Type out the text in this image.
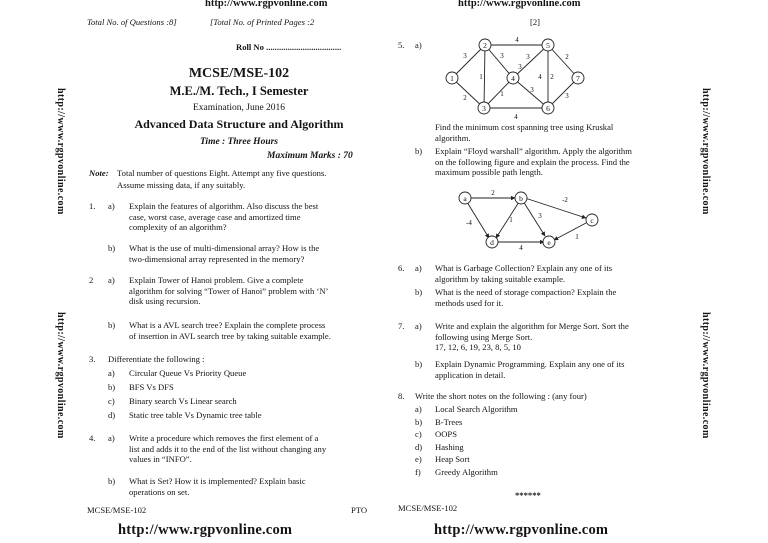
http://www.rgpvonline.com	http://www.rgpvonline.com
Total No. of Questions :8]	[Total No. of Printed Pages :2
Roll No ...................................
http://www.rgpvonline.com
http://www.rgpvonline.com
http://www.rgpvonline.com
http://www.rgpvonline.com
MCSE/MSE-102
M.E./M. Tech., I Semester
Examination, June 2016
Advanced Data Structure and Algorithm
Time : Three Hours
Maximum Marks : 70
Note: Total number of questions Eight. Attempt any five questions.
Assume missing data, if any suitably.
1. a) Explain the features of algorithm. Also discuss the best
case, worst case, average case and amortized time
complexity of an algorithm?
b) What is the use of multi-dimensional array? How is the
two-dimensional array represented in the memory?
2 a) Explain Tower of Hanoi problem. Give a complete
algorithm for solving “Tower of Hanoi” problem with ‘N’
disk using recursion.
b) What is a AVL search tree? Explain the complete process
of insertion in AVL search tree by taking suitable example.
3. Differentiate the following :
a) Circular Queue Vs Priority Queue
b) BFS Vs DFS
c) Binary search Vs Linear search
d) Static tree table Vs Dynamic tree table
4. a) Write a procedure which removes the first element of a
list and adds it to the end of the list without changing any
values in “INFO”.
b) What is Set? How it is implemented? Explain basic
operations on set.
MCSE/MSE-102	PTO
[2]
5. a)
1
2
3
4
5
6
7
4
3	3
1
2	1
4
3
3
2
2
3
4
3
Find the minimum cost spanning tree using Kruskal
algorithm.
b) Explain “Floyd warshall” algorithm. Apply the algorithm
on the following figure and explain the process. Find the
maximum possible path length.
a	b
c
d	e
2
-4
3
1
-2
4
1
6. a) What is Garbage Collection? Explain any one of its
algorithm by taking suitable example.
b) What is the need of storage compaction? Explain the
methods used for it.
7. a) Write and explain the algorithm for Merge Sort. Sort the
following using Merge Sort.
17, 12, 6, 19, 23, 8, 5, 10
b) Explain Dynamic Programming. Explain any one of its
application in detail.
8. Write the short notes on the following : (any four)
a) Local Search Algorithm
b) B-Trees
c) OOPS
d) Hashing
e) Heap Sort
f) Greedy Algorithm
******
MCSE/MSE-102
http://www.rgpvonline.com	http://www.rgpvonline.com
